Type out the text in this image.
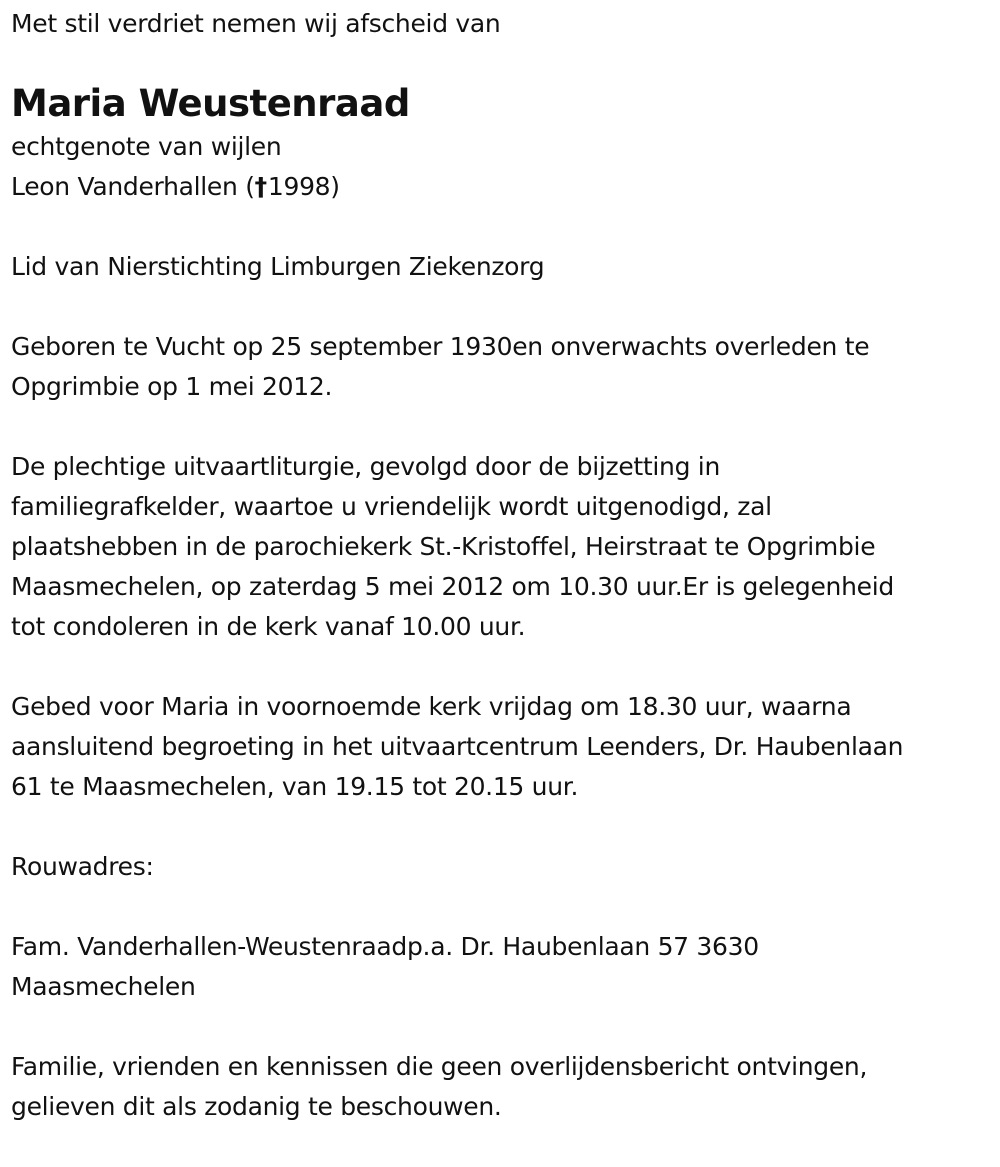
Met stil verdriet nemen wij afscheid van
Maria Weustenraad
echtgenote van wijlen
Leon Vanderhallen (†1998)
Lid van Nierstichting Limburgen Ziekenzorg
Geboren te Vucht op 25 september 1930en onverwachts overleden te
Opgrimbie op 1 mei 2012.
De plechtige uitvaartliturgie, gevolgd door de bijzetting in
familiegrafkelder, waartoe u vriendelijk wordt uitgenodigd, zal
plaatshebben in de parochiekerk St.-Kristoffel, Heirstraat te Opgrimbie
Maasmechelen, op zaterdag 5 mei 2012 om 10.30 uur.Er is gelegenheid
tot condoleren in de kerk vanaf 10.00 uur.
Gebed voor Maria in voornoemde kerk vrijdag om 18.30 uur, waarna
aansluitend begroeting in het uitvaartcentrum Leenders, Dr. Haubenlaan
61 te Maasmechelen, van 19.15 tot 20.15 uur.
Rouwadres:
Fam. Vanderhallen-Weustenraadp.a. Dr. Haubenlaan 57 3630
Maasmechelen
Familie, vrienden en kennissen die geen overlijdensbericht ontvingen,
gelieven dit als zodanig te beschouwen.
